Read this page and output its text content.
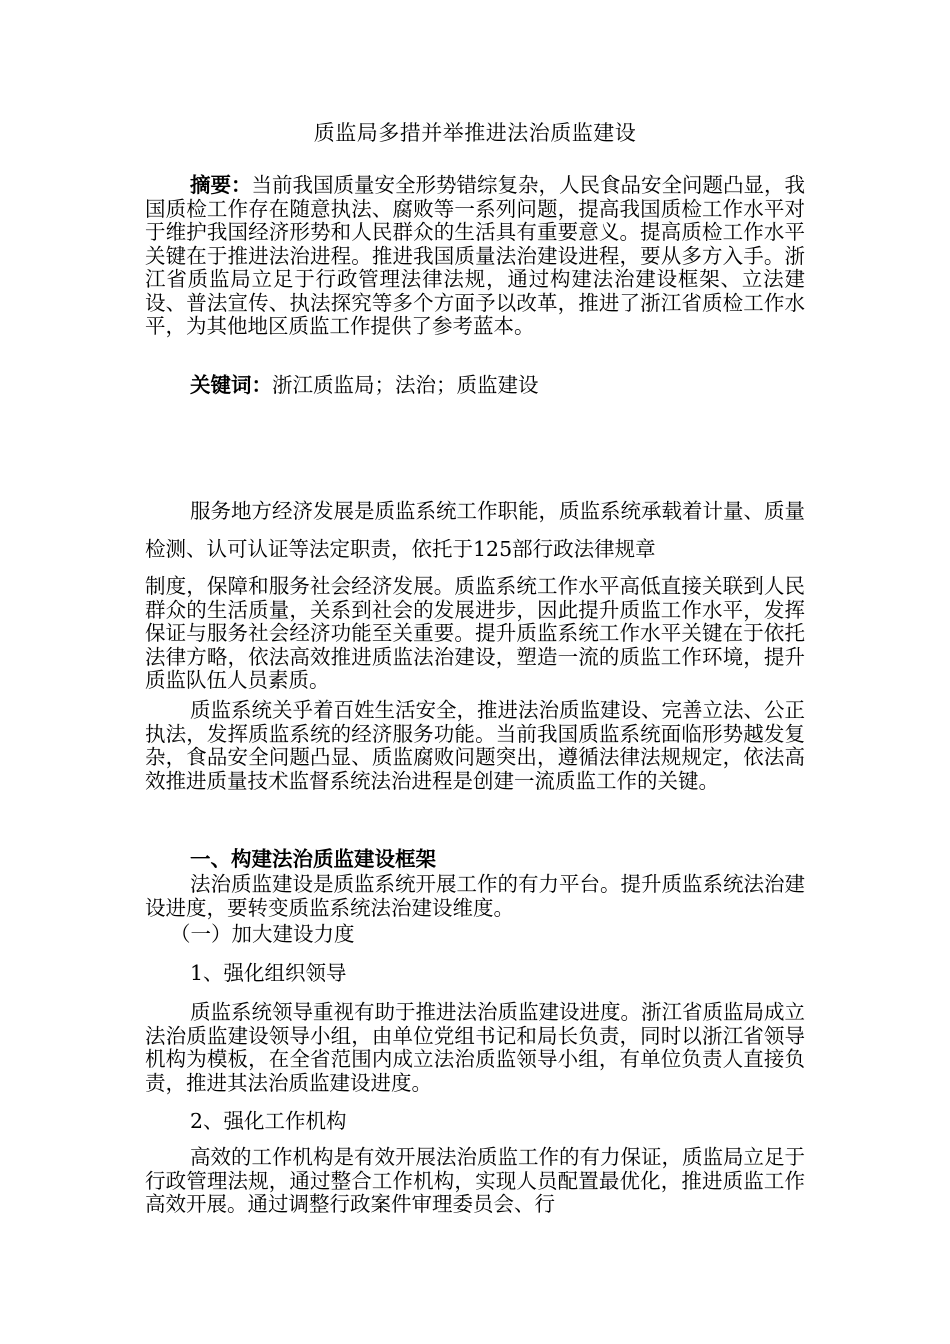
质监局多措并举推进法治质监建设
摘要：当前我国质量安全形势错综复杂，人民食品安全问题凸显，我国质检工作存在随意执法、腐败等一系列问题，提高我国质检工作水平对于维护我国经济形势和人民群众的生活具有重要意义。提高质检工作水平关键在于推进法治进程。推进我国质量法治建设进程，要从多方入手。浙江省质监局立足于行政管理法律法规，通过构建法治建设框架、立法建设、普法宣传、执法探究等多个方面予以改革，推进了浙江省质检工作水平，为其他地区质监工作提供了参考蓝本。
关键词：浙江质监局；法治；质监建设
服务地方经济发展是质监系统工作职能，质监系统承载着计量、质量检测、认可认证等法定职责，依托于125部行政法律规章
制度，保障和服务社会经济发展。质监系统工作水平高低直接关联到人民群众的生活质量，关系到社会的发展进步，因此提升质监工作水平，发挥保证与服务社会经济功能至关重要。提升质监系统工作水平关键在于依托法律方略，依法高效推进质监法治建设，塑造一流的质监工作环境，提升质监队伍人员素质。
质监系统关乎着百姓生活安全，推进法治质监建设、完善立法、公正执法，发挥质监系统的经济服务功能。当前我国质监系统面临形势越发复杂，食品安全问题凸显、质监腐败问题突出，遵循法律法规规定，依法高效推进质量技术监督系统法治进程是创建一流质监工作的关键。
一、构建法治质监建设框架
法治质监建设是质监系统开展工作的有力平台。提升质监系统法治建设进度，要转变质监系统法治建设维度。
（一）加大建设力度
1、强化组织领导
质监系统领导重视有助于推进法治质监建设进度。浙江省质监局成立法治质监建设领导小组，由单位党组书记和局长负责，同时以浙江省领导机构为模板，在全省范围内成立法治质监领导小组，有单位负责人直接负责，推进其法治质监建设进度。
2、强化工作机构
高效的工作机构是有效开展法治质监工作的有力保证，质监局立足于行政管理法规，通过整合工作机构，实现人员配置最优化，推进质监工作高效开展。通过调整行政案件审理委员会、行
